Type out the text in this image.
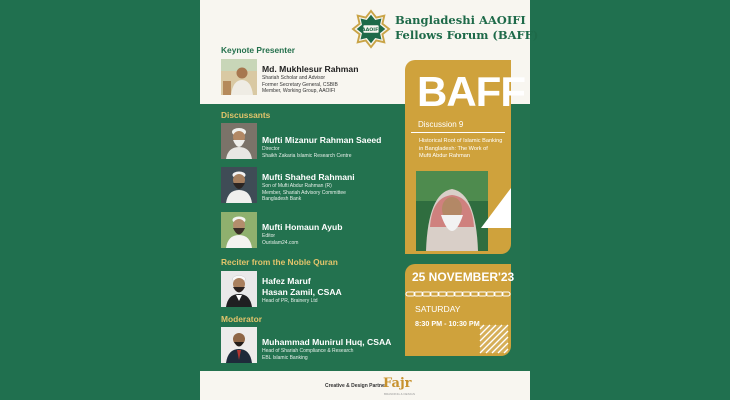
AAOIFI
Bangladeshi AAOIFI
Fellows Forum (BAFF)
Keynote Presenter
Md. Mukhlesur Rahman
Shariah Scholar and Advisor
Former Secretary General, CSBIB
Member, Working Group, AAOIFI
Discussants
Mufti Mizanur Rahman Saeed
Director
Shaikh Zakaria Islamic Research Centre
Mufti Shahed Rahmani
Son of Mufti Abdur Rahman (R)
Member, Shariah Advisory Committee
Bangladesh Bank
Mufti Homaun Ayub
Editor
Ourislam24.com
Reciter from the Noble Quran
Hafez Maruf
Hasan Zamil, CSAA
Head of PR, Brainery Ltd
Moderator
Muhammad Munirul Huq, CSAA
Head of Shariah Compliance & Research
EBL Islamic Banking
BAFF
Discussion 9
Historical Root of Islamic Banking
in Bangladesh: The Work of
Mufti Abdur Rahman
25 NOVEMBER'23
SATURDAY
8:30 PM - 10:30 PM
Creative & Design Partner
Fajr
BRANDING & DESIGN
